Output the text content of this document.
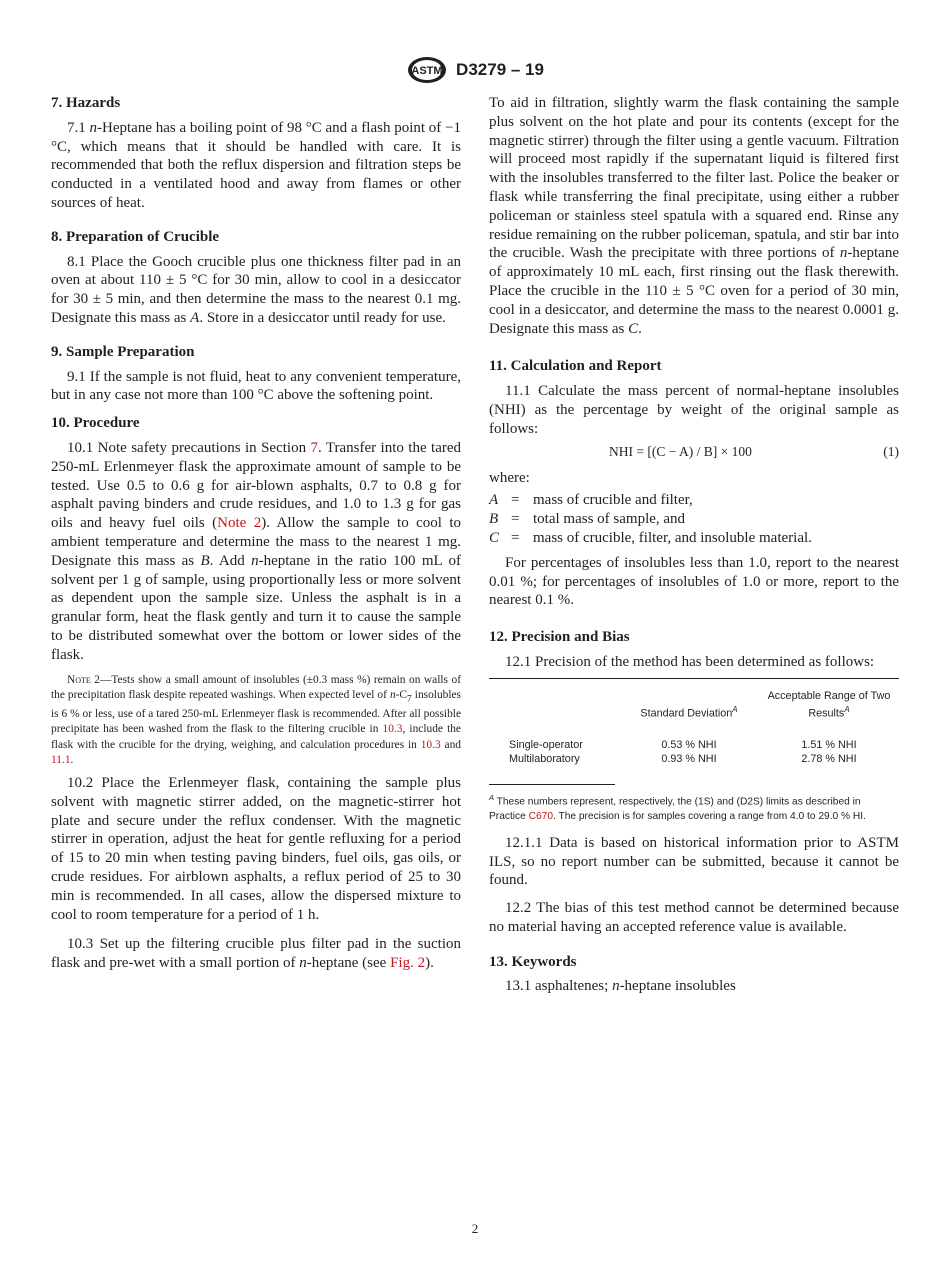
ASTM D3279 – 19
7. Hazards

7.1 n-Heptane has a boiling point of 98 °C and a flash point of −1 °C, which means that it should be handled with care. It is recommended that both the reflux dispersion and filtration steps be conducted in a ventilated hood and away from flames or other sources of heat.

8. Preparation of Crucible

8.1 Place the Gooch crucible plus one thickness filter pad in an oven at about 110 ± 5 °C for 30 min, allow to cool in a desiccator for 30 ± 5 min, and then determine the mass to the nearest 0.1 mg. Designate this mass as A. Store in a desiccator until ready for use.

9. Sample Preparation

9.1 If the sample is not fluid, heat to any convenient temperature, but in any case not more than 100 °C above the softening point.

10. Procedure

10.1 Note safety precautions in Section 7. Transfer into the tared 250-mL Erlenmeyer flask the approximate amount of sample to be tested. Use 0.5 to 0.6 g for air-blown asphalts, 0.7 to 0.8 g for asphalt paving binders and crude residues, and 1.0 to 1.3 g for gas oils and heavy fuel oils (Note 2). Allow the sample to cool to ambient temperature and determine the mass to the nearest 1 mg. Designate this mass as B. Add n-heptane in the ratio 100 mL of solvent per 1 g of sample, using proportionally less or more solvent as dependent upon the sample size. Unless the asphalt is in a granular form, heat the flask gently and turn it to cause the sample to be distributed somewhat over the bottom or lower sides of the flask.

Note 2—Tests show a small amount of insolubles (±0.3 mass %) remain on walls of the precipitation flask despite repeated washings. When expected level of $n-C_7$ insolubles is 6 % or less, use of a tared 250-mL Erlenmeyer flask is recommended. After all possible precipitate has been washed from the flask to the filtering crucible in 10.3, include the flask with the crucible for the drying, weighing, and calculation procedures in 10.3 and 11.1.

10.2 Place the Erlenmeyer flask, containing the sample plus solvent with magnetic stirrer added, on the magnetic-stirrer hot plate and secure under the reflux condenser. With the magnetic stirrer in operation, adjust the heat for gentle refluxing for a period of 15 to 20 min when testing paving binders, fuel oils, gas oils, or crude residues. For airblown asphalts, a reflux period of 25 to 30 min is recommended. In all cases, allow the dispersed mixture to cool to room temperature for a period of 1 h.

10.3 Set up the filtering crucible plus filter pad in the suction flask and pre-wet with a small portion of n-heptane (see Fig. 2).

To aid in filtration, slightly warm the flask containing the sample plus solvent on the hot plate and pour its contents (except for the magnetic stirrer) through the filter using a gentle vacuum. Filtration will proceed most rapidly if the supernatant liquid is filtered first with the insolubles transferred to the filter last. Police the beaker or flask while transferring the final precipitate, using either a rubber policeman or stainless steel spatula with a squared end. Rinse any residue remaining on the rubber policeman, spatula, and stir bar into the crucible. Wash the precipitate with three portions of n-heptane of approximately 10 mL each, first rinsing out the flask therewith. Place the crucible in the 110 ± 5 °C oven for a period of 30 min, cool in a desiccator, and determine the mass to the nearest 0.0001 g. Designate this mass as C.

11. Calculation and Report

11.1 Calculate the mass percent of normal-heptane insolubles (NHI) as the percentage by weight of the original sample as follows:

NHI = [(C − A) / B] × 100	(1)
where:
A = mass of crucible and filter,
B = total mass of sample, and
C = mass of crucible, filter, and insoluble material.

For percentages of insolubles less than 1.0, report to the nearest 0.01 %; for percentages of insolubles of 1.0 or more, report to the nearest 0.1 %.

12. Precision and Bias

12.1 Precision of the method has been determined as follows:

	Standard Deviation$^A$	Acceptable Range of Two Results$^A$

Single-operator	0.53 % NHI	1.51 % NHI
Multilaboratory	0.93 % NHI	2.78 % NHI
$^A$ These numbers represent, respectively, the (1S) and (D2S) limits as described in Practice C670. The precision is for samples covering a range from 4.0 to 29.0 % HI.

12.1.1 Data is based on historical information prior to ASTM ILS, so no report number can be submitted, because it cannot be found.

12.2 The bias of this test method cannot be determined because no material having an accepted reference value is available.

13. Keywords

13.1 asphaltenes; n-heptane insolubles

2
